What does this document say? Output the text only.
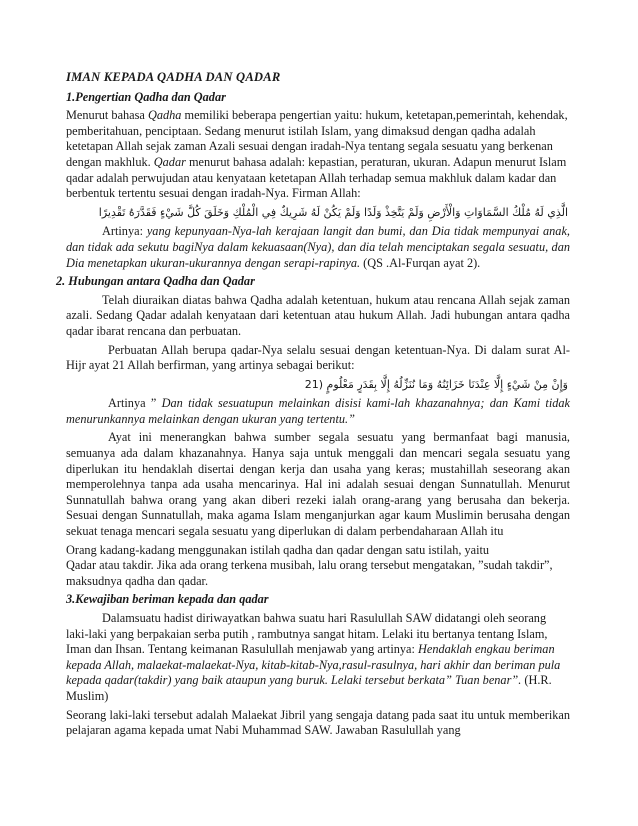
IMAN KEPADA QADHA DAN QADAR
1.Pengertian Qadha dan Qadar

Menurut bahasa Qadha memiliki beberapa pengertian yaitu: hukum, ketetapan,pemerintah, kehendak, pemberitahuan, penciptaan. Sedang menurut istilah Islam, yang dimaksud dengan qadha adalah ketetapan Allah sejak zaman Azali sesuai dengan iradah-Nya tentang segala sesuatu yang berkenan dengan makhluk. Qadar menurut bahasa adalah: kepastian, peraturan, ukuran. Adapun menurut Islam qadar adalah perwujudan atau kenyataan ketetapan Allah terhadap semua makhluk dalam kadar dan berbentuk tertentu sesuai dengan iradah-Nya. Firman Allah:

الَّذِي لَهُ مُلْكُ السَّمَاوَاتِ وَالْأَرْضِ وَلَمْ يَتَّخِذْ وَلَدًا وَلَمْ يَكُنْ لَهُ شَرِيكٌ فِي الْمُلْكِ وَخَلَقَ كُلَّ شَيْءٍ فَقَدَّرَهُ تَقْدِيرًا

Artinya: yang kepunyaan-Nya-lah kerajaan langit dan bumi, dan Dia tidak mempunyai anak, dan tidak ada sekutu bagiNya dalam kekuasaan(Nya), dan dia telah menciptakan segala sesuatu, dan Dia menetapkan ukuran-ukurannya dengan serapi-rapinya. (QS .Al-Furqan ayat 2).

2. Hubungan antara Qadha dan Qadar

Telah diuraikan diatas bahwa Qadha adalah ketentuan, hukum atau rencana Allah sejak zaman azali. Sedang Qadar adalah kenyataan dari ketentuan atau hukum Allah. Jadi hubungan antara qadha qadar ibarat rencana dan perbuatan.

Perbuatan Allah berupa qadar-Nya selalu sesuai dengan ketentuan-Nya. Di dalam surat Al-Hijr ayat 21 Allah berfirman, yang artinya sebagai berikut:

وَإِنْ مِنْ شَيْءٍ إِلَّا عِنْدَنَا خَزَائِنُهُ وَمَا نُنَزِّلُهُ إِلَّا بِقَدَرٍ مَعْلُومٍ (21

Artinya ” Dan tidak sesuatupun melainkan disisi kami-lah khazanahnya; dan Kami tidak menurunkannya melainkan dengan ukuran yang tertentu.”

Ayat ini menerangkan bahwa sumber segala sesuatu yang bermanfaat bagi manusia, semuanya ada dalam khazanahnya. Hanya saja untuk menggali dan mencari segala sesuatu yang diperlukan itu hendaklah disertai dengan kerja dan usaha yang keras; mustahillah seseorang akan memperolehnya tanpa ada usaha mencarinya. Hal ini adalah sesuai dengan Sunnatullah. Menurut Sunnatullah bahwa orang yang akan diberi rezeki ialah orang-arang yang berusaha dan bekerja. Sesuai dengan Sunnatullah, maka agama Islam menganjurkan agar kaum Muslimin berusaha dengan sekuat tenaga mencari segala sesuatu yang diperlukan di dalam perbendaharaan Allah itu

Orang kadang-kadang menggunakan istilah qadha dan qadar dengan satu istilah, yaitu

Qadar atau takdir. Jika ada orang terkena musibah, lalu orang tersebut mengatakan, ”sudah takdir”, maksudnya qadha dan qadar.

3.Kewajiban beriman kepada dan qadar

Dalamsuatu hadist diriwayatkan bahwa suatu hari Rasulullah SAW didatangi oleh seorang laki-laki yang berpakaian serba putih , rambutnya sangat hitam. Lelaki itu bertanya tentang Islam, Iman dan Ihsan. Tentang keimanan Rasulullah menjawab yang artinya: Hendaklah engkau beriman kepada Allah, malaekat-malaekat-Nya, kitab-kitab-Nya,rasul-rasulnya, hari akhir dan beriman pula kepada qadar(takdir) yang baik ataupun yang buruk. Lelaki tersebut berkata” Tuan benar”. (H.R. Muslim)

Seorang laki-laki tersebut adalah Malaekat Jibril yang sengaja datang pada saat itu untuk memberikan pelajaran agama kepada umat Nabi Muhammad SAW. Jawaban Rasulullah yang
